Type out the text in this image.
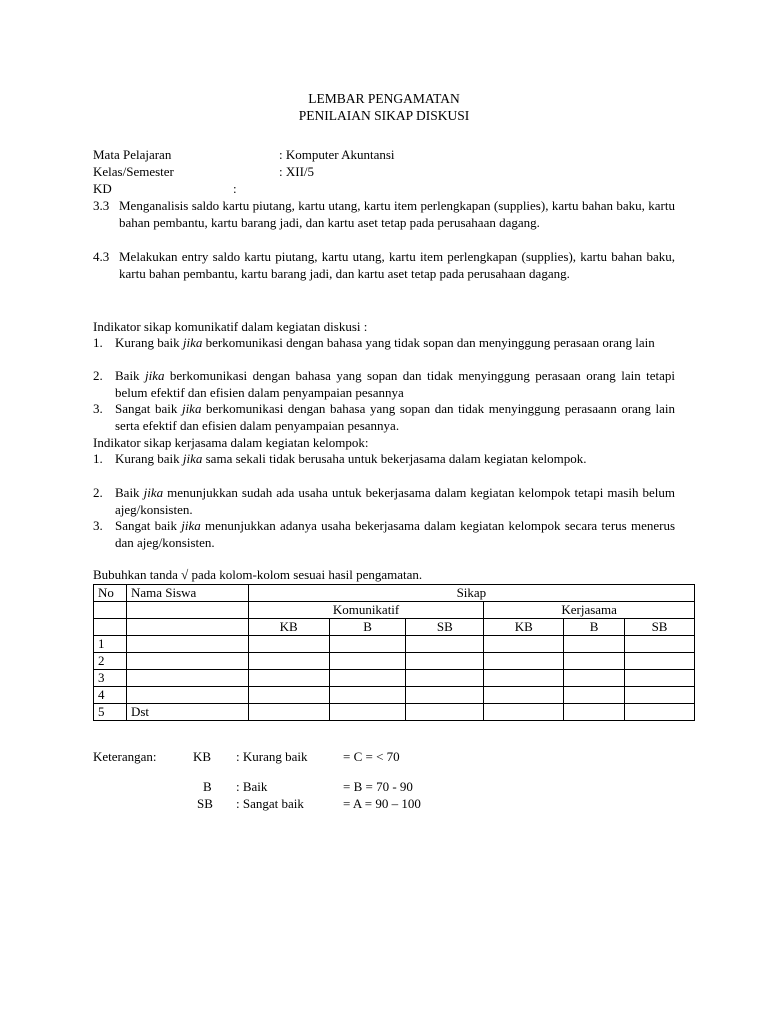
LEMBAR PENGAMATAN
PENILAIAN SIKAP DISKUSI
Mata Pelajaran	: Komputer Akuntansi
Kelas/Semester	: XII/5
KD	:
3.3 Menganalisis saldo kartu piutang, kartu utang, kartu item perlengkapan (supplies), kartu bahan baku, kartu bahan pembantu, kartu barang jadi, dan kartu aset tetap pada perusahaan dagang.
4.3 Melakukan entry saldo kartu piutang, kartu utang, kartu item perlengkapan (supplies), kartu bahan baku, kartu bahan pembantu, kartu barang jadi, dan kartu aset tetap pada perusahaan dagang.
Indikator sikap komunikatif dalam kegiatan diskusi :
1. Kurang baik jika berkomunikasi dengan bahasa yang tidak sopan dan menyinggung perasaan orang lain
2. Baik jika berkomunikasi dengan bahasa yang sopan dan tidak menyinggung perasaan orang lain tetapi belum efektif dan efisien dalam penyampaian pesannya
3. Sangat baik jika berkomunikasi dengan bahasa yang sopan dan tidak menyinggung perasaann orang lain serta efektif dan efisien dalam penyampaian pesannya.
Indikator sikap kerjasama dalam kegiatan kelompok:
1. Kurang baik jika sama sekali tidak berusaha untuk bekerjasama dalam kegiatan kelompok.
2. Baik jika menunjukkan sudah ada usaha untuk bekerjasama dalam kegiatan kelompok tetapi masih belum ajeg/konsisten.
3. Sangat baik jika menunjukkan adanya usaha bekerjasama dalam kegiatan kelompok secara terus menerus dan ajeg/konsisten.
Bubuhkan tanda √ pada kolom-kolom sesuai hasil pengamatan.
No	Nama Siswa	Sikap					
		Komunikatif			Kerjasama		
		KB	B	SB	KB	B	SB
1							
2							
3							
4							
5	Dst						
Keterangan:	KB : Kurang baik	= C = < 70
B : Baik	= B = 70 - 90
SB : Sangat baik	= A = 90 – 100
